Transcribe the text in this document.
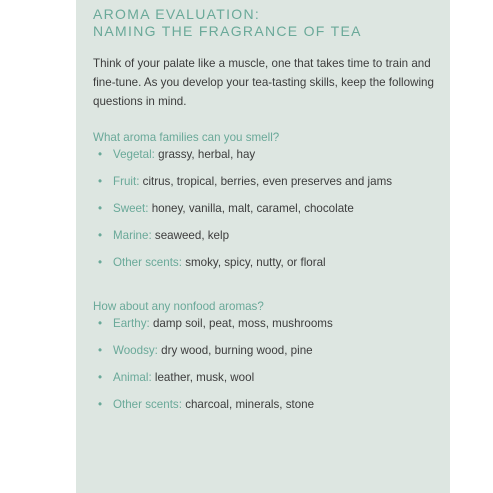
AROMA EVALUATION:
NAMING THE FRAGRANCE OF TEA

Think of your palate like a muscle, one that takes time to train and fine-tune. As you develop your tea-tasting skills, keep the following questions in mind.

What aroma families can you smell?

• Vegetal: grassy, herbal, hay
• Fruit: citrus, tropical, berries, even preserves and jams
• Sweet: honey, vanilla, malt, caramel, chocolate
• Marine: seaweed, kelp
• Other scents: smoky, spicy, nutty, or floral

How about any nonfood aromas?

• Earthy: damp soil, peat, moss, mushrooms
• Woodsy: dry wood, burning wood, pine
• Animal: leather, musk, wool
• Other scents: charcoal, minerals, stone
